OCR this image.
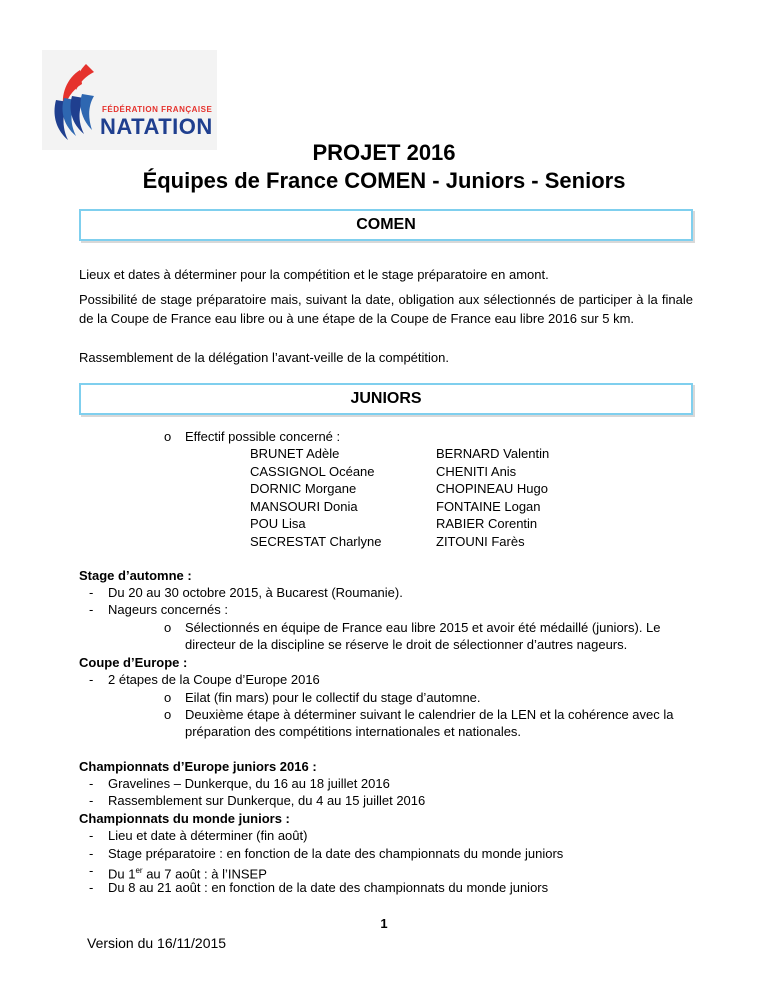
FÉDÉRATION FRANÇAISE
NATATION
PROJET 2016
Équipes de France COMEN - Juniors - Seniors
COMEN
Lieux et dates à déterminer pour la compétition et le stage préparatoire en amont.
Possibilité de stage préparatoire mais, suivant la date, obligation aux sélectionnés de participer à la finale de la Coupe de France eau libre ou à une étape de la Coupe de France eau libre 2016 sur 5 km.
Rassemblement de la délégation l’avant-veille de la compétition.
JUNIORS
o Effectif possible concerné :
BRUNET Adèle
CASSIGNOL Océane
DORNIC Morgane
MANSOURI Donia
POU Lisa
SECRESTAT Charlyne
BERNARD Valentin
CHENITI Anis
CHOPINEAU Hugo
FONTAINE Logan
RABIER Corentin
ZITOUNI Farès
Stage d’automne :
- Du 20 au 30 octobre 2015, à Bucarest (Roumanie).
- Nageurs concernés :
o Sélectionnés en équipe de France eau libre 2015 et avoir été médaillé (juniors). Le
directeur de la discipline se réserve le droit de sélectionner d’autres nageurs.
Coupe d’Europe :
- 2 étapes de la Coupe d’Europe 2016
o Eilat (fin mars) pour le collectif du stage d’automne.
o Deuxième étape à déterminer suivant le calendrier de la LEN et la cohérence avec la
préparation des compétitions internationales et nationales.
Championnats d’Europe juniors 2016 :
- Gravelines – Dunkerque, du 16 au 18 juillet 2016
- Rassemblement sur Dunkerque, du 4 au 15 juillet 2016
Championnats du monde juniors :
- Lieu et date à déterminer (fin août)
- Stage préparatoire : en fonction de la date des championnats du monde juniors
- Du 1er au 7 août : à l’INSEP
- Du 8 au 21 août : en fonction de la date des championnats du monde juniors
1
Version du 16/11/2015
